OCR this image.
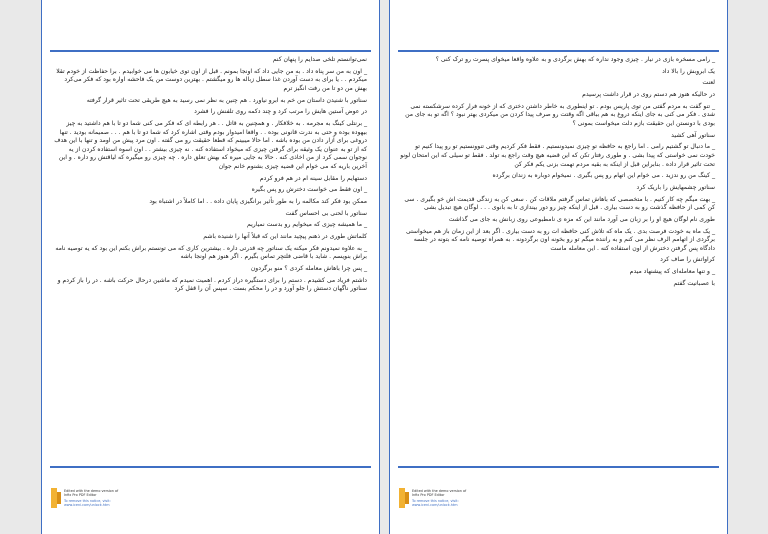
نمی‌توانستم تلخی صدایم را پنهان کنم

_ اون به من سر پناه داد . به من جایی داد که اونجا بمونم . قبل از اون توی خیابون ها می خوابیدم . برا حفاظت از خودم تقلا میکردم . . یا برای به دست آوردن غذا سطل زباله ها رو میگشتم . بهترین دوست من یک فاحشه اواره بود که فکر می‌کرد بهش من دو تا من رفت انگیز ترم

سناتور با شنیدن داستان من خم به ابرو نیاورد . هم چنین به نظر نمی رسید به هیچ طریقی تحت تاثیر قرار گرفته

در عوض آستین هایش را مرتب کرد و چند دکمه روی تلفنش را فشرد

_ برنتلی کینگ به مجرمه . به خلافکار . و همچنین به قاتل . . هر رابطه ای که فکر می کنی شما دو تا با هم داشتید به چیز بیهوده بوده و حتی به ندرت قانونی بوده . . واقعا امیدوار بودم وقتی اشاره کرد که شما دو تا با هم . . . صمیمانه بودید . تنها دروغی برای آزار دادن من بوده باشه . اما حالا میبینم که قطعا حقیقت رو می گفته . اون مرد پیش من اومد و تنها با این هدف که از تو به عنوان یک وثیقه برای گرفتن چیزی که میخواد استفاده کنه . نه چیزی بیشتر . . اون اسوه استفاده کردن از یه نوجوان سمی کرد از من اخاذی کنه . حالا به جایی میره که بهش تعلق داره . چه چیزی رو میگیره که لیاقتش رو داره . و این آخرین باریه که می خوام این قضیه چیزی بشنوم خانم جوان

دستهایم را مقابل سینه ام در هم فرو کردم

_ اون فقط می خواست دخترش رو پس بگیره

ممکن بود فکر کند مکالمه را به طور تأثیر برانگیزی پایان داده . . اما کاملاً در اشتباه بود

سناتور با لحنی بی احساس گفت

_ ما همیشه چیزی که میخوایم رو بدست نمیاریم

کلماتش طوری در ذهنم پیچید مانند این که قبلاً آنها را شنیده باشم

_ به علاوه نمیدونم فکر میکنه یک سناتور چه قدرتی داره . بیشترین کاری که می تونستم براش بکنم این بود که یه توصیه نامه براش بنویسم . شاید با قاضی فلتچر تماس بگیرم . اگر هنوز هم اونجا باشه

_ پس چرا باهاش معامله کردی ؟ منو برگردون

داشتم فریاد می کشیدم . دستم را برای دستگیره دراز کردم . اهمیت نمیدم که ماشین درحال حرکت باشه . در را باز کردم و سناتور ناگهان دستش را جلو آورد و در را محکم بست . سپس آن را قفل کرد

Edited with the demo version of
Infix Pro PDF Editor
To remove this notice, visit:
www.iceni.com/unlock.htm

_ رامی مسخره بازی در نیار . چیزی وجود نداره که بهش برگردی و به علاوه واقعا میخوای پسرت رو ترک کنی ؟

یک ابروبش را بالا داد

لعنت

در حالیکه هنوز هم دستم روی در قرار داشت پرسیدم

_ تنو گفت به مردم گفتی من توی پاریس بودم . تو اینطوری به خاطر داشتن دختری که از خونه فرار کرده سرشکسته نمی شدی . فکر می کنی به جای اینکه دروغ به هم بباقی اگه وقتت رو صرف پیدا کردن من میکردی بهتر نبود ؟ اگه تو به جای من بودی با دونستن این حقیقت بازم دلت میخواست بمونی ؟

سناتور آهی کشید

_ ما دنبال تو گشتیم رامی . اما راجع به حافظه تو چیزی نمیدونستیم . فقط فکر کردیم وقتی تنوونستیم تو رو پیدا کنیم تو خودت نمی خواستی که پیدا بشی . و طوری رفتار تکن که این قضیه هیچ وقت راجع به تولد . فقط تو سیلی که این امتحان لونو تحت تاثیر قرار داده . بنابراین قبل از اینکه به بقیه مردم تهمت بزنی یکم فکر کن

_ کینگ من رو ندزید . می خوام این اتهام رو پس بگیری . نمیخوام دوباره به زندان برگرده

سناتور چشمهایش را باریک کرد

_ بهت میگم چه کار کنیم . با متخصصی که باهاش تماس گرفتم ملاقات کن . سعی کن به زندگی قدیمت اش خو بگیری . سی کن کمی از حافظه گذشت رو به دست بیاری . قبل از اینکه چیز رو دور بیندازی تا به بانوی . . . لوگان هیچ تبدیل بشی

طوری نام لوگان هیچ او را بر زبان می آورد مانند این که مزه ی نامطبوعی روی زبانش به جای می گذاشت

_ یک ماه به خودت فرصت بدی . یک ماه که تلاش کنی حافظه ات رو به دست بیاری . اگر بعد از این زمان باز هم میخواستی برگردی از اتهامم الرف نظر می کنم و به راننده میگم تو رو بخونه اون برگردونه . به همراه توصیه نامه که بتونه در جلسه دادگاه پس گرفتن دخترش از اون استفاده کنه . این معامله ماست

کراواتش را صاف کرد

_ و تنها معامله‌ای که پیشنهاد میدم

با عصبانیت گفتم

Edited with the demo version of
Infix Pro PDF Editor
To remove this notice, visit:
www.iceni.com/unlock.htm
